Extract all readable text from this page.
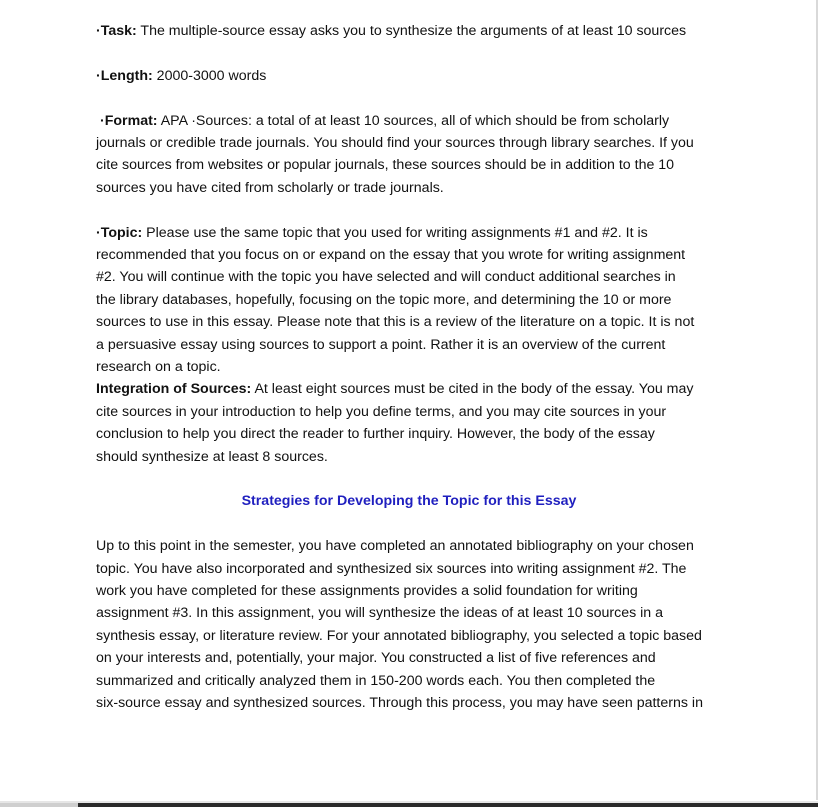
·Task: The multiple-source essay asks you to synthesize the arguments of at least 10 sources

·Length: 2000-3000 words

·Format: APA ·Sources: a total of at least 10 sources, all of which should be from scholarly

journals or credible trade journals. You should find your sources through library searches. If you

cite sources from websites or popular journals, these sources should be in addition to the 10

sources you have cited from scholarly or trade journals.

·Topic: Please use the same topic that you used for writing assignments #1 and #2. It is

recommended that you focus on or expand on the essay that you wrote for writing assignment

#2. You will continue with the topic you have selected and will conduct additional searches in

the library databases, hopefully, focusing on the topic more, and determining the 10 or more

sources to use in this essay. Please note that this is a review of the literature on a topic. It is not

a persuasive essay using sources to support a point. Rather it is an overview of the current

research on a topic.

Integration of Sources: At least eight sources must be cited in the body of the essay. You may

cite sources in your introduction to help you define terms, and you may cite sources in your

conclusion to help you direct the reader to further inquiry. However, the body of the essay

should synthesize at least 8 sources.

Strategies for Developing the Topic for this Essay

Up to this point in the semester, you have completed an annotated bibliography on your chosen

topic. You have also incorporated and synthesized six sources into writing assignment #2. The

work you have completed for these assignments provides a solid foundation for writing

assignment #3. In this assignment, you will synthesize the ideas of at least 10 sources in a

synthesis essay, or literature review. For your annotated bibliography, you selected a topic based

on your interests and, potentially, your major. You constructed a list of five references and

summarized and critically analyzed them in 150-200 words each. You then completed the

six-source essay and synthesized sources. Through this process, you may have seen patterns in
